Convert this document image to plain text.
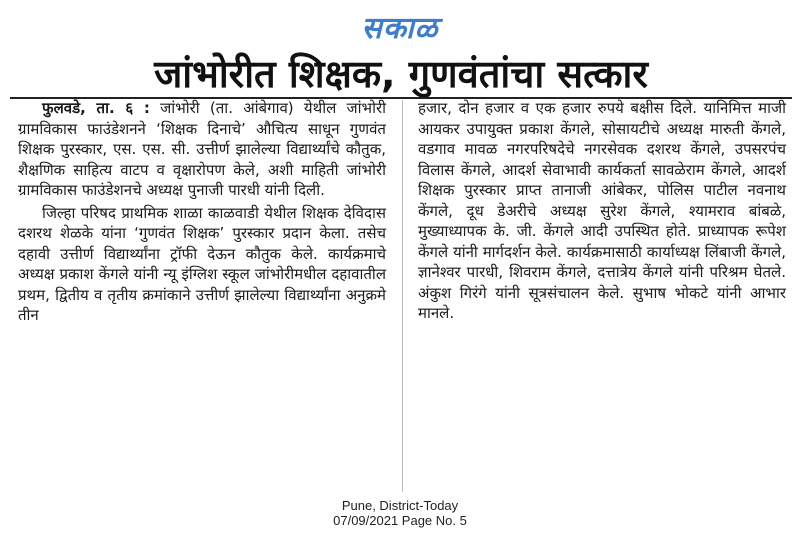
सकाळ
जांभोरीत शिक्षक, गुणवंतांचा सत्कार

फुलवडे, ता. ६ : जांभोरी (ता. आंबेगाव) येथील जांभोरी ग्रामविकास फाउंडेशनने ‘शिक्षक दिनाचे’ औचित्य साधून गुणवंत शिक्षक पुरस्कार, एस. एस. सी. उत्तीर्ण झालेल्या विद्यार्थ्यांचे कौतुक, शैक्षणिक साहित्य वाटप व वृक्षारोपण केले, अशी माहिती जांभोरी ग्रामविकास फाउंडेशनचे अध्यक्ष पुनाजी पारधी यांनी दिली.

जिल्हा परिषद प्राथमिक शाळा काळवाडी येथील शिक्षक देविदास दशरथ शेळके यांना ‘गुणवंत शिक्षक’ पुरस्कार प्रदान केला. तसेच दहावी उत्तीर्ण विद्यार्थ्यांना ट्रॉफी देऊन कौतुक केले. कार्यक्रमाचे अध्यक्ष प्रकाश केंगले यांनी न्यू इंग्लिश स्कूल जांभोरीमधील दहावातील प्रथम, द्वितीय व तृतीय क्रमांकाने उत्तीर्ण झालेल्या विद्यार्थ्यांना अनुक्रमे तीन

हजार, दोन हजार व एक हजार रुपये बक्षीस दिले. यानिमित्त माजी आयकर उपायुक्त प्रकाश केंगले, सोसायटीचे अध्यक्ष मारुती केंगले, वडगाव मावळ नगरपरिषदेचे नगरसेवक दशरथ केंगले, उपसरपंच विलास केंगले, आदर्श सेवाभावी कार्यकर्ता सावळेराम केंगले, आदर्श शिक्षक पुरस्कार प्राप्त तानाजी आंबेकर, पोलिस पाटील नवनाथ केंगले, दूध डेअरीचे अध्यक्ष सुरेश केंगले, श्यामराव बांबळे, मुख्याध्यापक के. जी. केंगले आदी उपस्थित होते. प्राध्यापक रूपेश केंगले यांनी मार्गदर्शन केले. कार्यक्रमासाठी कार्याध्यक्ष लिंबाजी केंगले, ज्ञानेश्वर पारधी, शिवराम केंगले, दत्तात्रेय केंगले यांनी परिश्रम घेतले. अंकुश गिरंगे यांनी सूत्रसंचालन केले. सुभाष भोकटे यांनी आभार मानले.

Pune, District-Today
07/09/2021 Page No. 5
